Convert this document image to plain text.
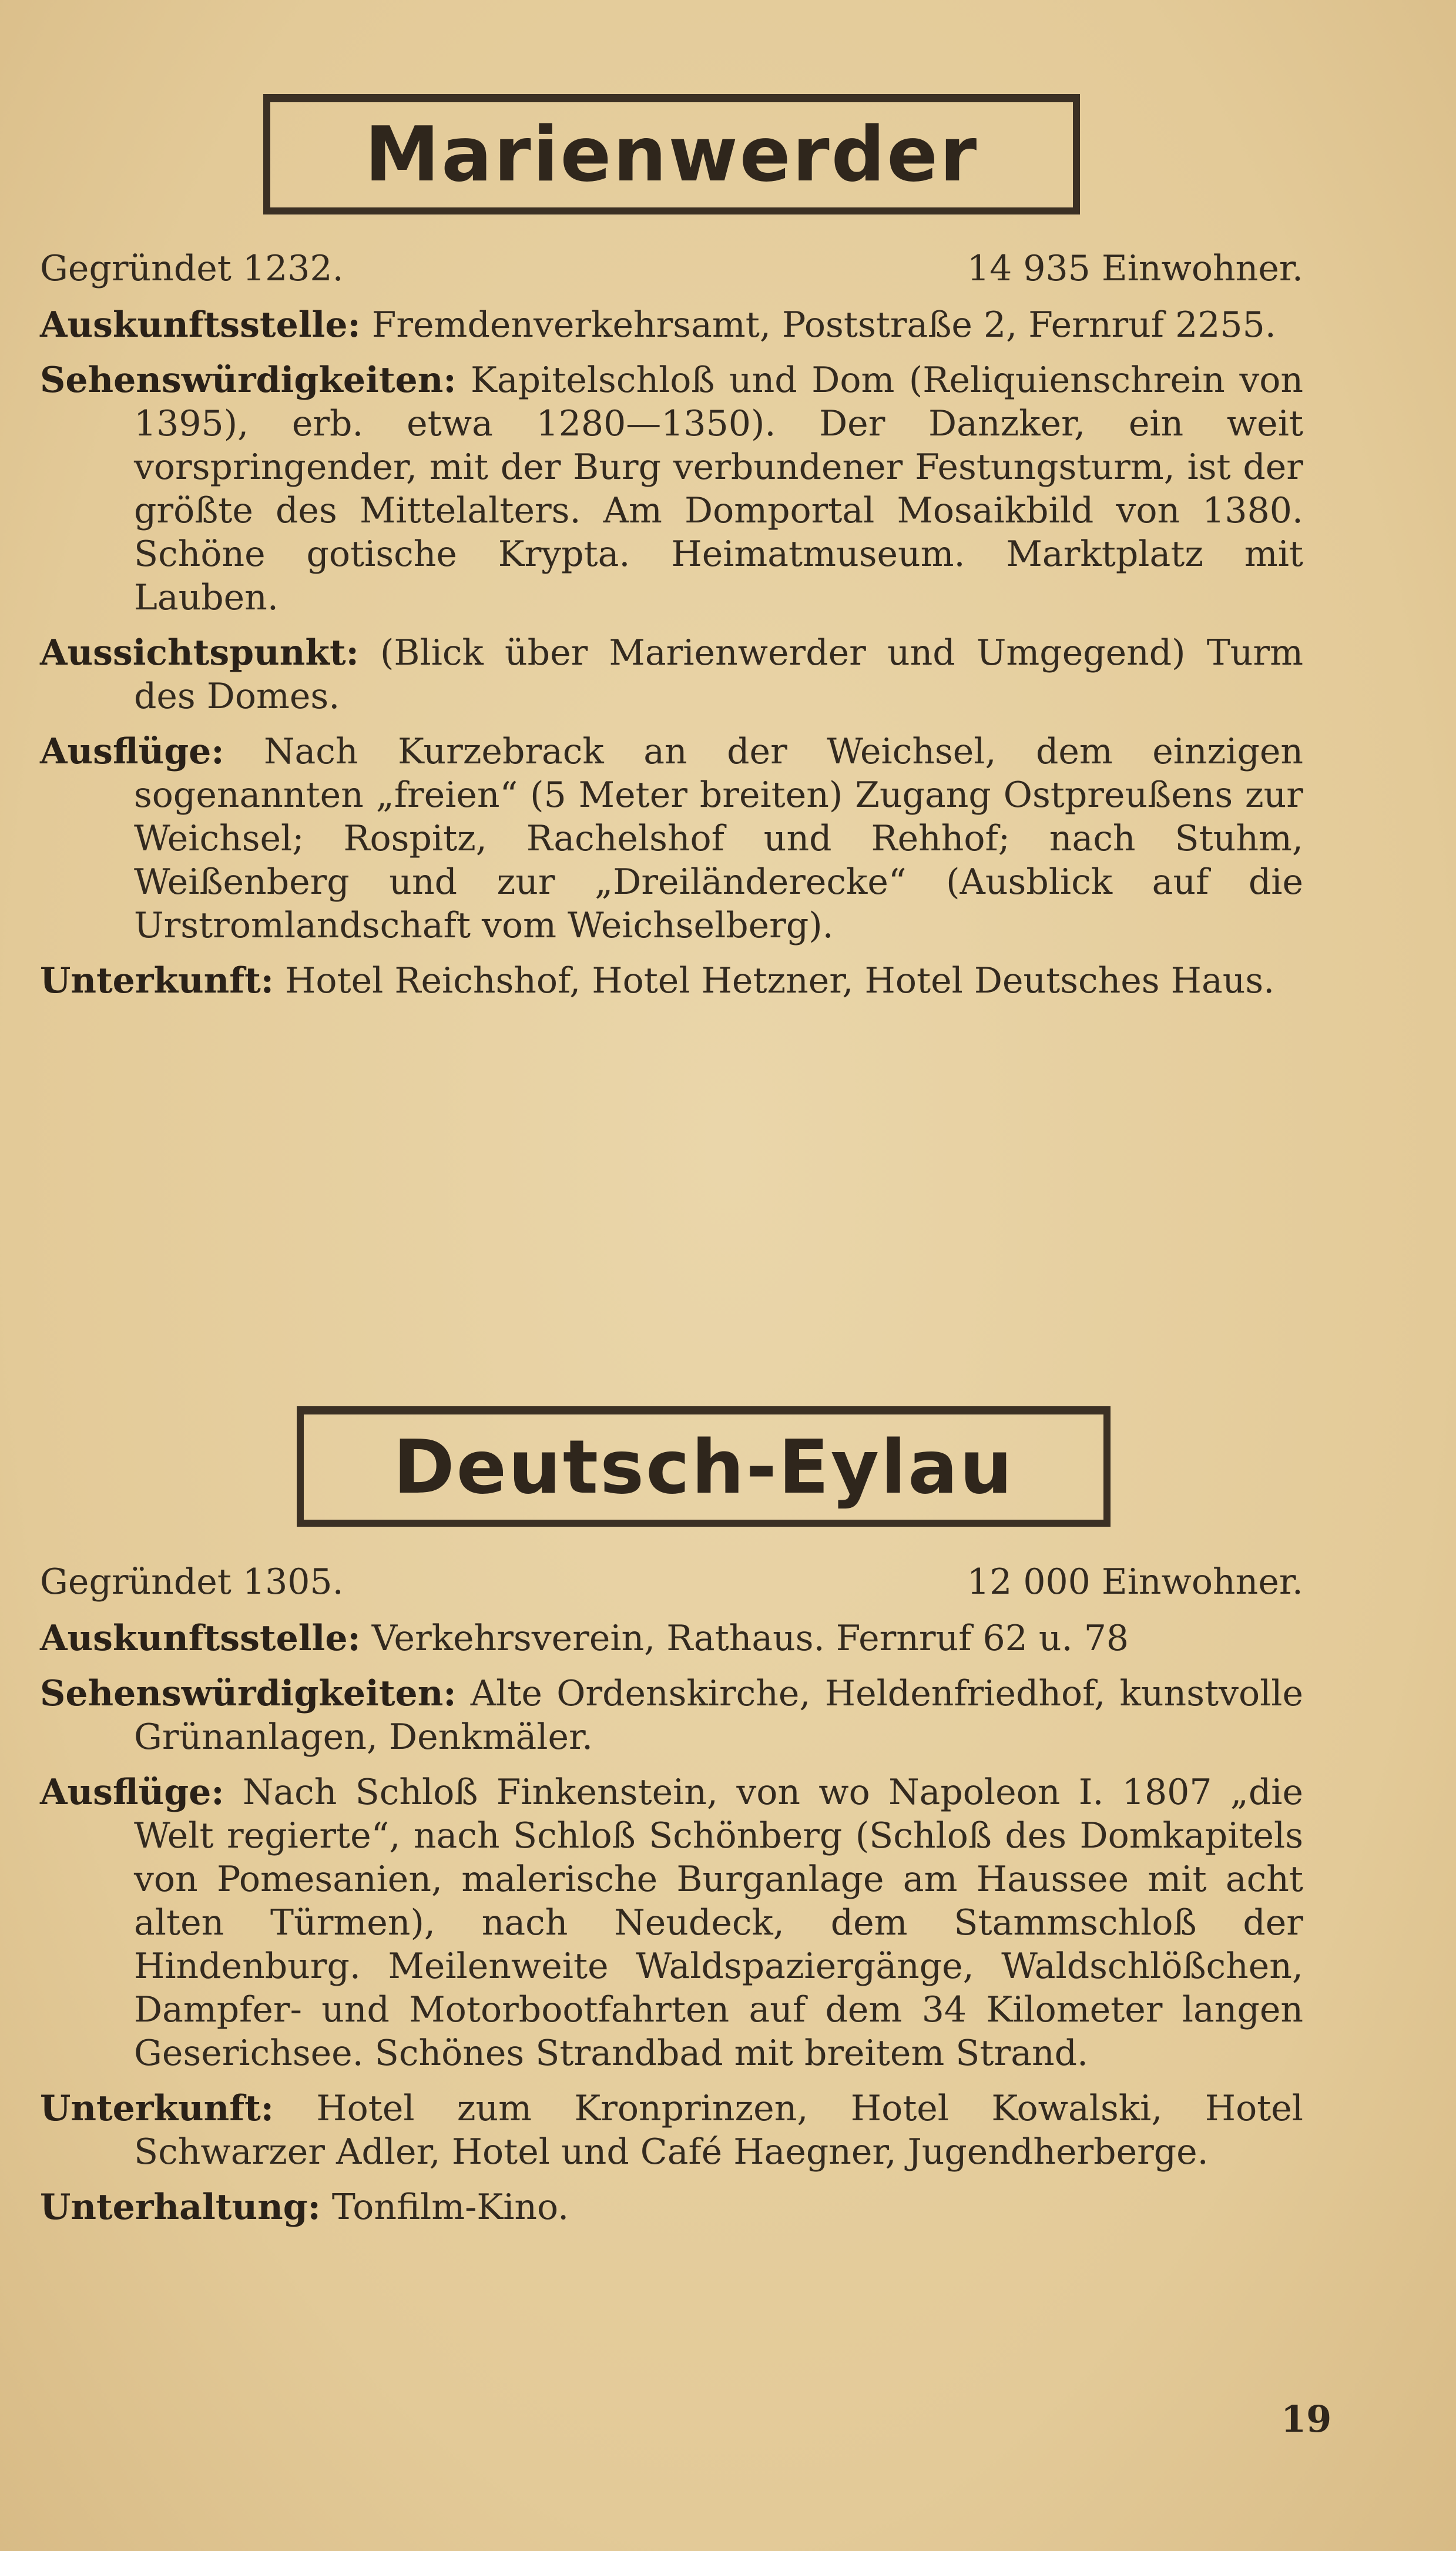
Marienwerder
Gegründet 1232.	14 935 Einwohner.
Auskunftsstelle: Fremdenverkehrsamt, Poststraße 2, Fernruf 2255.
Sehenswürdigkeiten: Kapitelschloß und Dom (Reliquienschrein von 1395), erb. etwa 1280—1350). Der Danzker, ein weit vorspringender, mit der Burg verbundener Festungsturm, ist der größte des Mittelalters. Am Domportal Mosaikbild von 1380. Schöne gotische Krypta. Heimatmuseum. Marktplatz mit Lauben.
Aussichtspunkt: (Blick über Marienwerder und Umgegend) Turm des Domes.
Ausflüge: Nach Kurzebrack an der Weichsel, dem einzigen sogenannten „freien“ (5 Meter breiten) Zugang Ostpreußens zur Weichsel; Rospitz, Rachelshof und Rehhof; nach Stuhm, Weißenberg und zur „Dreiländerecke“ (Ausblick auf die Urstromlandschaft vom Weichselberg).
Unterkunft: Hotel Reichshof, Hotel Hetzner, Hotel Deutsches Haus.
Deutsch-Eylau
Gegründet 1305.	12 000 Einwohner.
Auskunftsstelle: Verkehrsverein, Rathaus. Fernruf 62 u. 78
Sehenswürdigkeiten: Alte Ordenskirche, Heldenfriedhof, kunstvolle Grünanlagen, Denkmäler.
Ausflüge: Nach Schloß Finkenstein, von wo Napoleon I. 1807 „die Welt regierte“, nach Schloß Schönberg (Schloß des Domkapitels von Pomesanien, malerische Burganlage am Haussee mit acht alten Türmen), nach Neudeck, dem Stammschloß der Hindenburg. Meilenweite Waldspaziergänge, Waldschlößchen, Dampfer- und Motorbootfahrten auf dem 34 Kilometer langen Geserichsee. Schönes Strandbad mit breitem Strand.
Unterkunft: Hotel zum Kronprinzen, Hotel Kowalski, Hotel Schwarzer Adler, Hotel und Café Haegner, Jugendherberge.
Unterhaltung: Tonfilm-Kino.
19
